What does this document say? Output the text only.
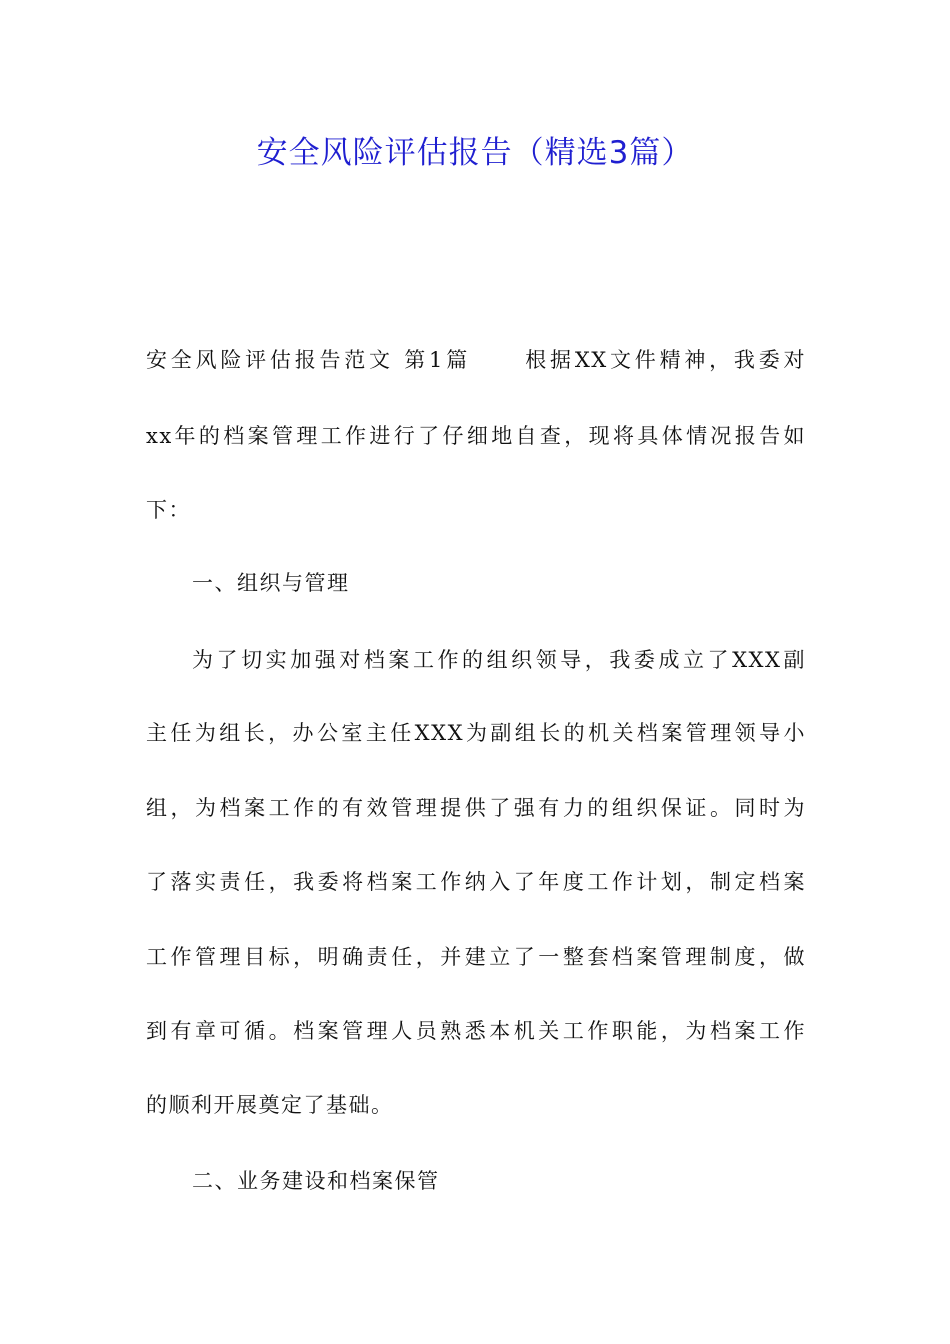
安全风险评估报告（精选3篇）
安全风险评估报告范文 第1篇 根据XX文件精神，我委对
xx年的档案管理工作进行了仔细地自查，现将具体情况报告如
下：
一、组织与管理
为了切实加强对档案工作的组织领导，我委成立了XXX副
主任为组长，办公室主任XXX为副组长的机关档案管理领导小
组，为档案工作的有效管理提供了强有力的组织保证。同时为
了落实责任，我委将档案工作纳入了年度工作计划，制定档案
工作管理目标，明确责任，并建立了一整套档案管理制度，做
到有章可循。档案管理人员熟悉本机关工作职能，为档案工作
的顺利开展奠定了基础。
二、业务建设和档案保管
